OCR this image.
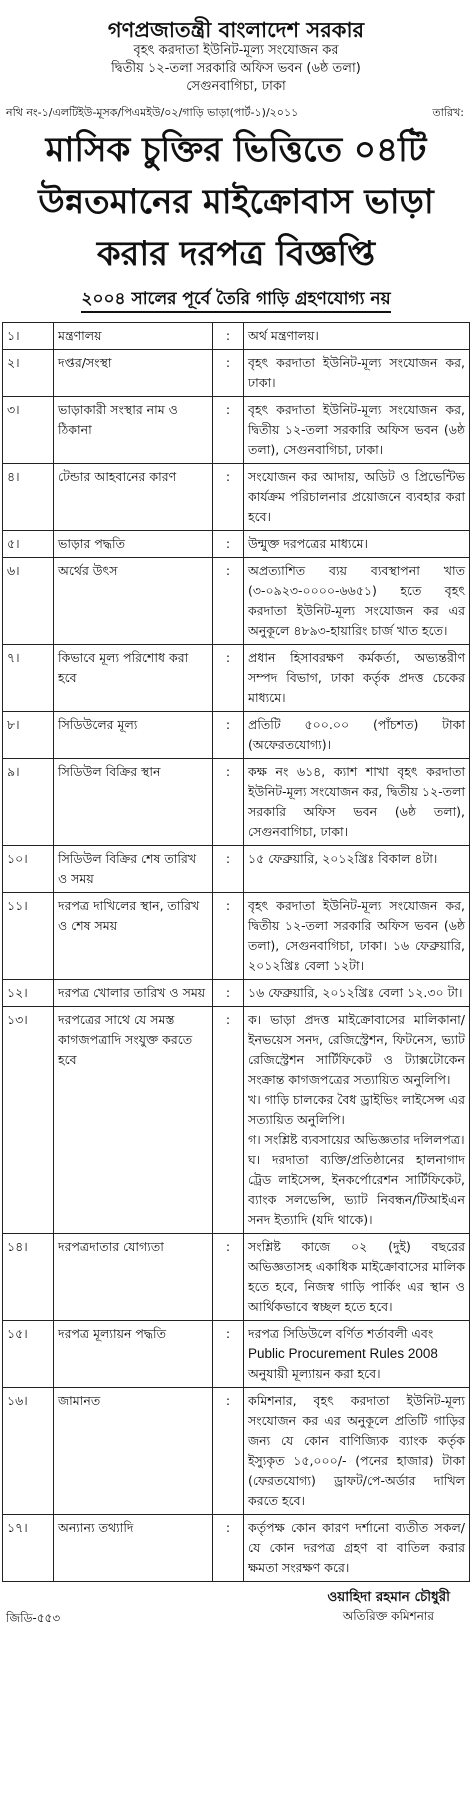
গণপ্রজাতন্ত্রী বাংলাদেশ সরকার
বৃহৎ করদাতা ইউনিট-মূল্য সংযোজন কর
দ্বিতীয় ১২-তলা সরকারি অফিস ভবন (৬ষ্ঠ তলা)
সেগুনবাগিচা, ঢাকা
নথি নং-১/এলটিইউ-মূসক/পিএমইউ/০২/গাড়ি ভাড়া(পার্ট-১)/২০১১	তারিখ:
মাসিক চুক্তির ভিত্তিতে ০৪টি
উন্নতমানের মাইক্রোবাস ভাড়া
করার দরপত্র বিজ্ঞপ্তি
২০০৪ সালের পূর্বে তৈরি গাড়ি গ্রহণযোগ্য নয়
১।	মন্ত্রণালয়	:	অর্থ মন্ত্রণালয়।
২।	দপ্তর/সংস্থা	:	বৃহৎ করদাতা ইউনিট-মূল্য সংযোজন কর, ঢাকা।
৩।	ভাড়াকারী সংস্থার নাম ও ঠিকানা	:	বৃহৎ করদাতা ইউনিট-মূল্য সংযোজন কর, দ্বিতীয় ১২-তলা সরকারি অফিস ভবন (৬ষ্ঠ তলা), সেগুনবাগিচা, ঢাকা।
৪।	টেন্ডার আহবানের কারণ	:	সংযোজন কর আদায়, অডিট ও প্রিভেন্টিভ কার্যক্রম পরিচালনার প্রয়োজনে ব্যবহার করা হবে।
৫।	ভাড়ার পদ্ধতি	:	উন্মুক্ত দরপত্রের মাধ্যমে।
৬।	অর্থের উৎস	:	অপ্রত্যাশিত ব্যয় ব্যবস্থাপনা খাত (৩-০৯২৩-০০০০-৬৬৫১) হতে বৃহৎ করদাতা ইউনিট-মূল্য সংযোজন কর এর অনুকূলে ৪৮৯৩-হায়ারিং চার্জ খাত হতে।
৭।	কিভাবে মূল্য পরিশোধ করা হবে	:	প্রধান হিসাবরক্ষণ কর্মকর্তা, অভ্যন্তরীণ সম্পদ বিভাগ, ঢাকা কর্তৃক প্রদত্ত চেকের মাধ্যমে।
৮।	সিডিউলের মূল্য	:	প্রতিটি ৫০০.০০ (পাঁচশত) টাকা (অফেরতযোগ্য)।
৯।	সিডিউল বিক্রির স্থান	:	কক্ষ নং ৬১৪, ক্যাশ শাখা বৃহৎ করদাতা ইউনিট-মূল্য সংযোজন কর, দ্বিতীয় ১২-তলা সরকারি অফিস ভবন (৬ষ্ঠ তলা), সেগুনবাগিচা, ঢাকা।
১০।	সিডিউল বিক্রির শেষ তারিখ ও সময়	:	১৫ ফেব্রুয়ারি, ২০১২খ্রিঃ বিকাল ৪টা।
১১।	দরপত্র দাখিলের স্থান, তারিখ ও শেষ সময়	:	বৃহৎ করদাতা ইউনিট-মূল্য সংযোজন কর, দ্বিতীয় ১২-তলা সরকারি অফিস ভবন (৬ষ্ঠ তলা), সেগুনবাগিচা, ঢাকা। ১৬ ফেব্রুয়ারি, ২০১২খ্রিঃ বেলা ১২টা।
১২।	দরপত্র খোলার তারিখ ও সময়	:	১৬ ফেব্রুয়ারি, ২০১২খ্রিঃ বেলা ১২.৩০ টা।
১৩।	দরপত্রের সাথে যে সমস্ত কাগজপত্রাদি সংযুক্ত করতে হবে	:	ক। ভাড়া প্রদত্ত মাইক্রোবাসের মালিকানা/ইনভয়েস সনদ, রেজিস্ট্রেশন, ফিটনেস, ভ্যাট রেজিস্ট্রেশন সার্টিফিকেট ও ট্যাক্সটোকেন সংক্রান্ত কাগজপত্রের সত্যায়িত অনুলিপি।
খ। গাড়ি চালকের বৈধ ড্রাইভিং লাইসেন্স এর সত্যায়িত অনুলিপি।
গ। সংশ্লিষ্ট ব্যবসায়ের অভিজ্ঞতার দলিলপত্র।
ঘ। দরদাতা ব্যক্তি/প্রতিষ্ঠানের হালনাগাদ ট্রেড লাইসেন্স, ইনকর্পোরেশন সার্টিফিকেট, ব্যাংক সলভেন্সি, ভ্যাট নিবন্ধন/টিআইএন সনদ ইত্যাদি (যদি থাকে)।
১৪।	দরপত্রদাতার যোগ্যতা	:	সংশ্লিষ্ট কাজে ০২ (দুই) বছরের অভিজ্ঞতাসহ একাধিক মাইক্রোবাসের মালিক হতে হবে, নিজস্ব গাড়ি পার্কিং এর স্থান ও আর্থিকভাবে স্বচ্ছল হতে হবে।
১৫।	দরপত্র মূল্যায়ন পদ্ধতি	:	দরপত্র সিডিউলে বর্ণিত শর্তাবলী এবং
Public Procurement Rules 2008
অনুযায়ী মূল্যায়ন করা হবে।
১৬।	জামানত	:	কমিশনার, বৃহৎ করদাতা ইউনিট-মূল্য সংযোজন কর এর অনুকূলে প্রতিটি গাড়ির জন্য যে কোন বাণিজ্যিক ব্যাংক কর্তৃক ইস্যুকৃত ১৫,০০০/- (পনের হাজার) টাকা (ফেরতযোগ্য) ড্রাফট/পে-অর্ডার দাখিল করতে হবে।
১৭।	অন্যান্য তথ্যাদি	:	কর্তৃপক্ষ কোন কারণ দর্শানো ব্যতীত সকল/যে কোন দরপত্র গ্রহণ বা বাতিল করার ক্ষমতা সংরক্ষণ করে।
ওয়াহিদা রহমান চৌধুরী
অতিরিক্ত কমিশনার
জিডি-৫৫৩
